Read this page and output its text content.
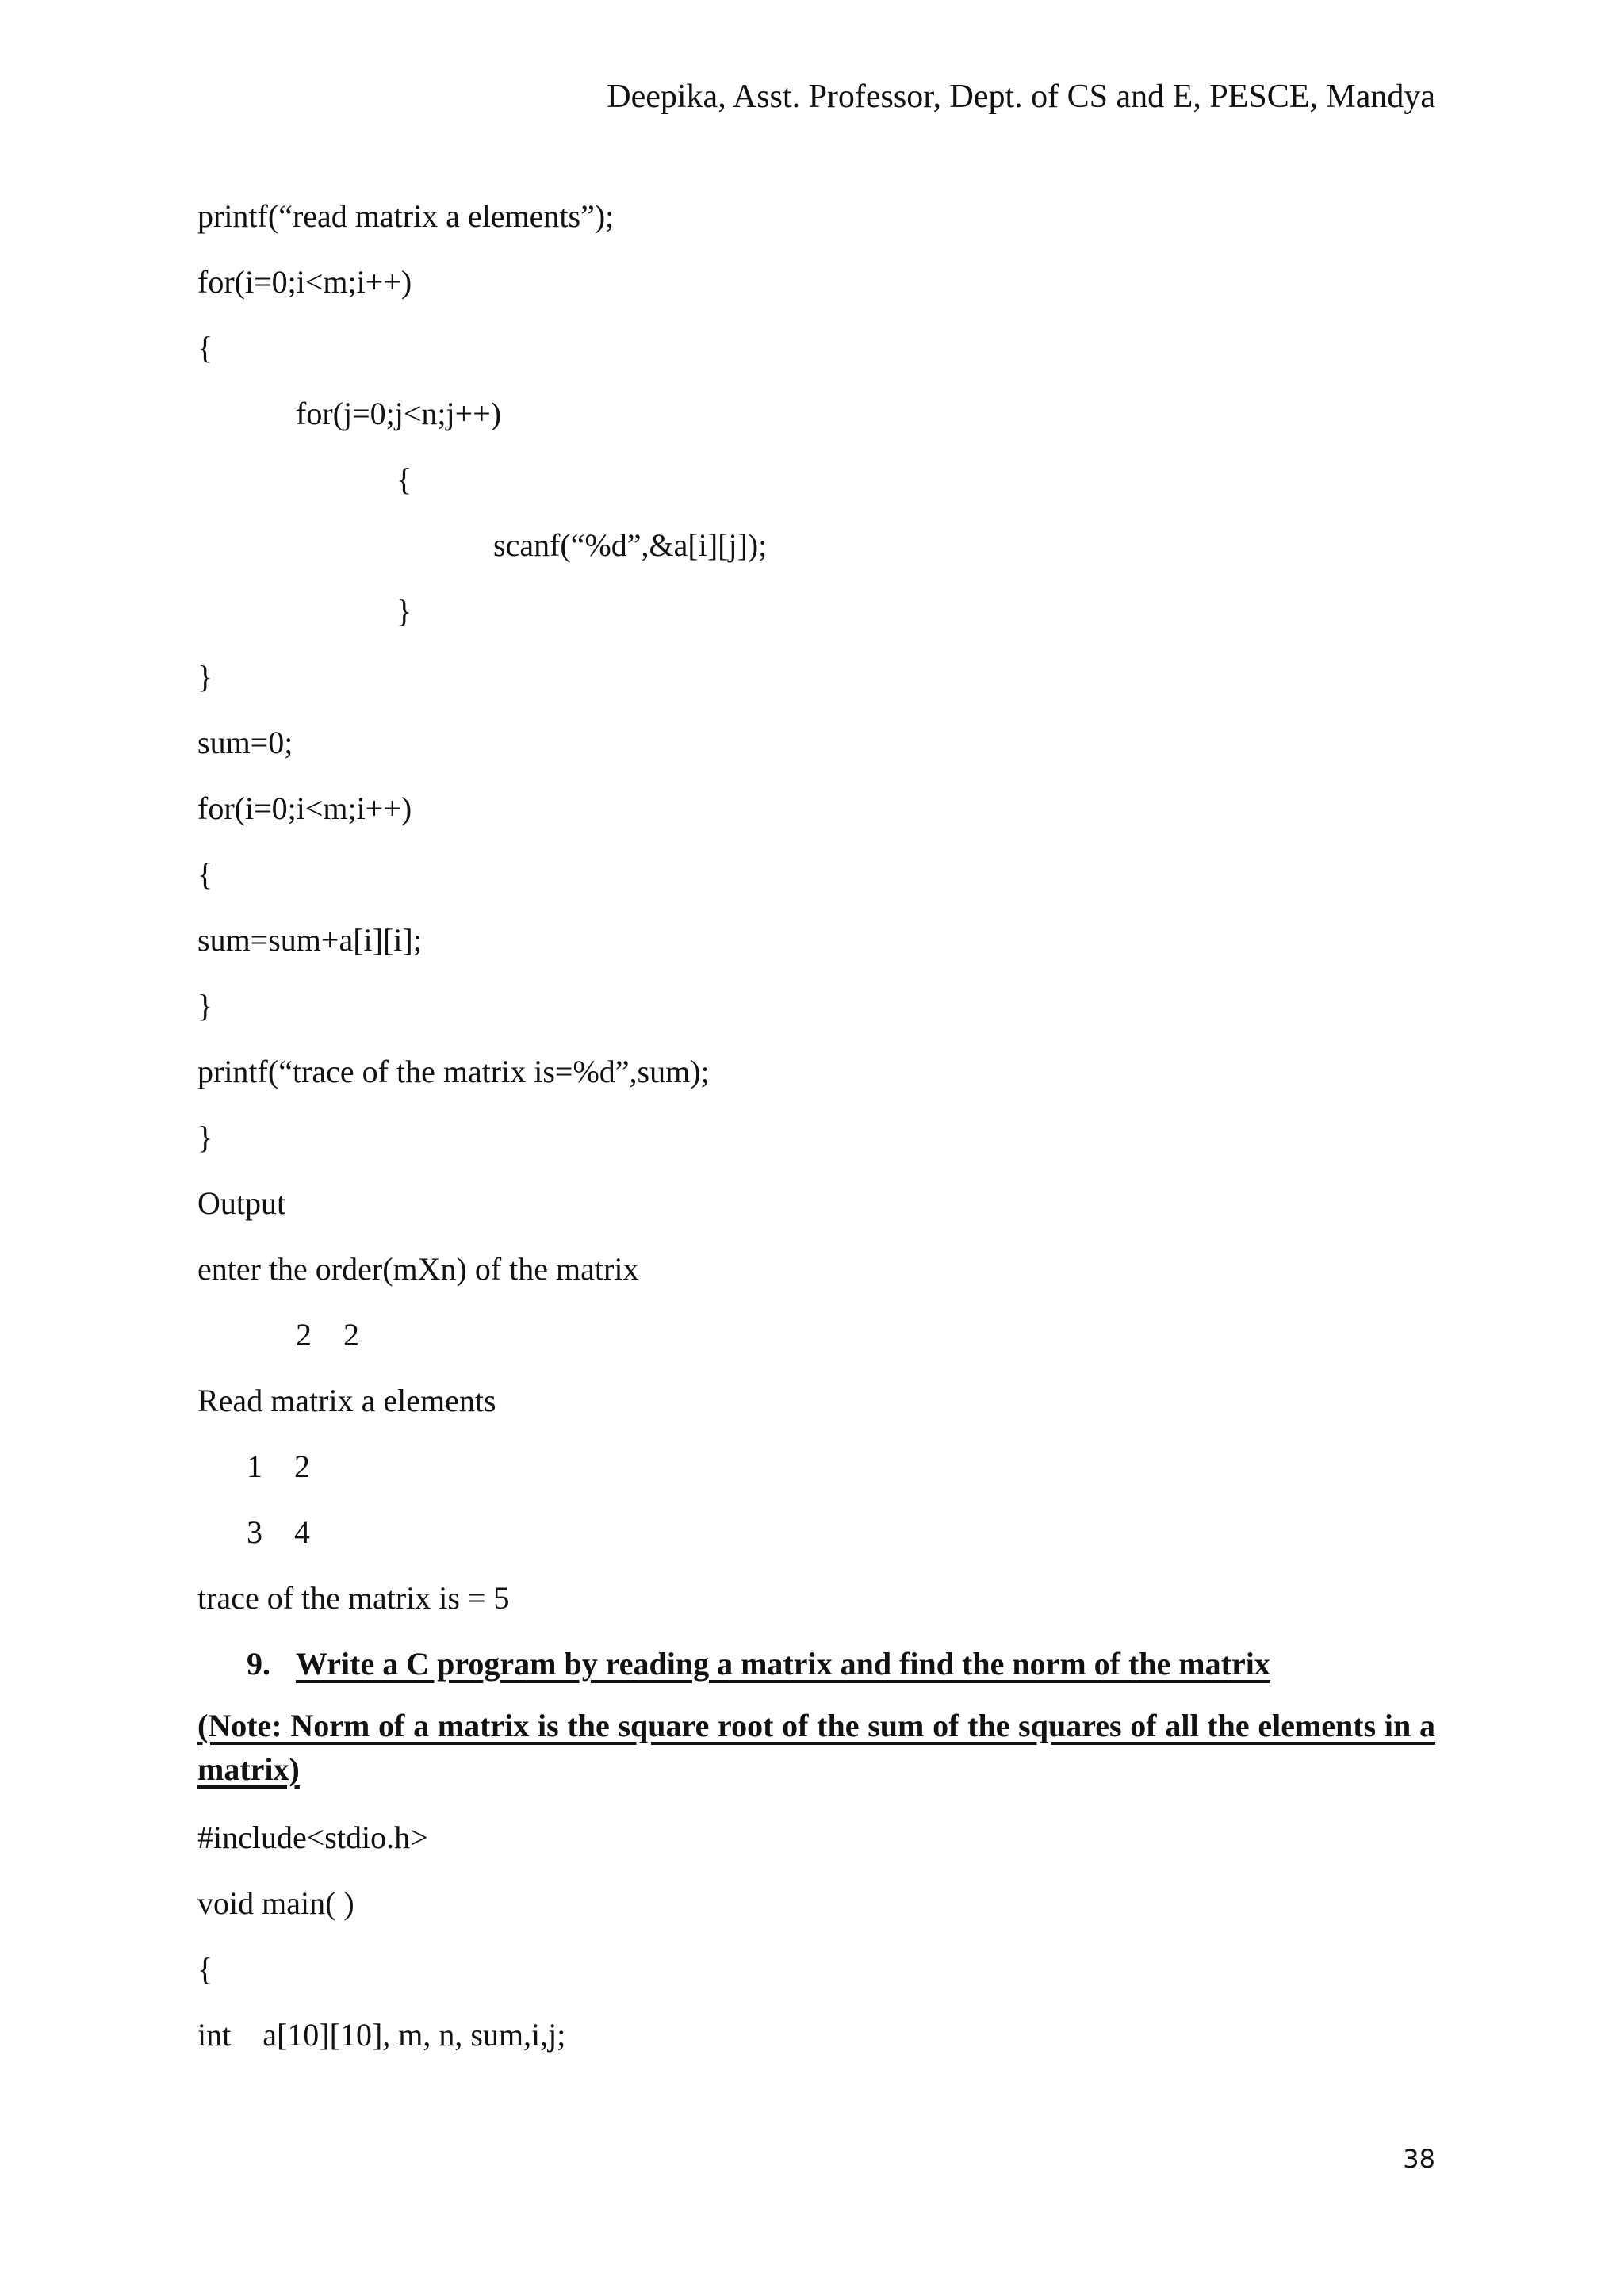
Deepika, Asst. Professor, Dept. of CS and E, PESCE, Mandya
printf(“read matrix a elements”);
for(i=0;i<m;i++)
{
for(j=0;j<n;j++)
{
scanf(“%d”,&a[i][j]);
}
}
sum=0;
for(i=0;i<m;i++)
{
sum=sum+a[i][i];
}
printf(“trace of the matrix is=%d”,sum);
}
Output
enter the order(mXn) of the matrix
2    2
Read matrix a elements
1    2
3    4
trace of the matrix is = 5
9. Write a C program by reading a matrix and find the norm of the matrix
(Note: Norm of a matrix is the square root of the sum of the squares of all the elements in a matrix)
#include<stdio.h>
void main( )
{
int    a[10][10], m, n, sum,i,j;
38
